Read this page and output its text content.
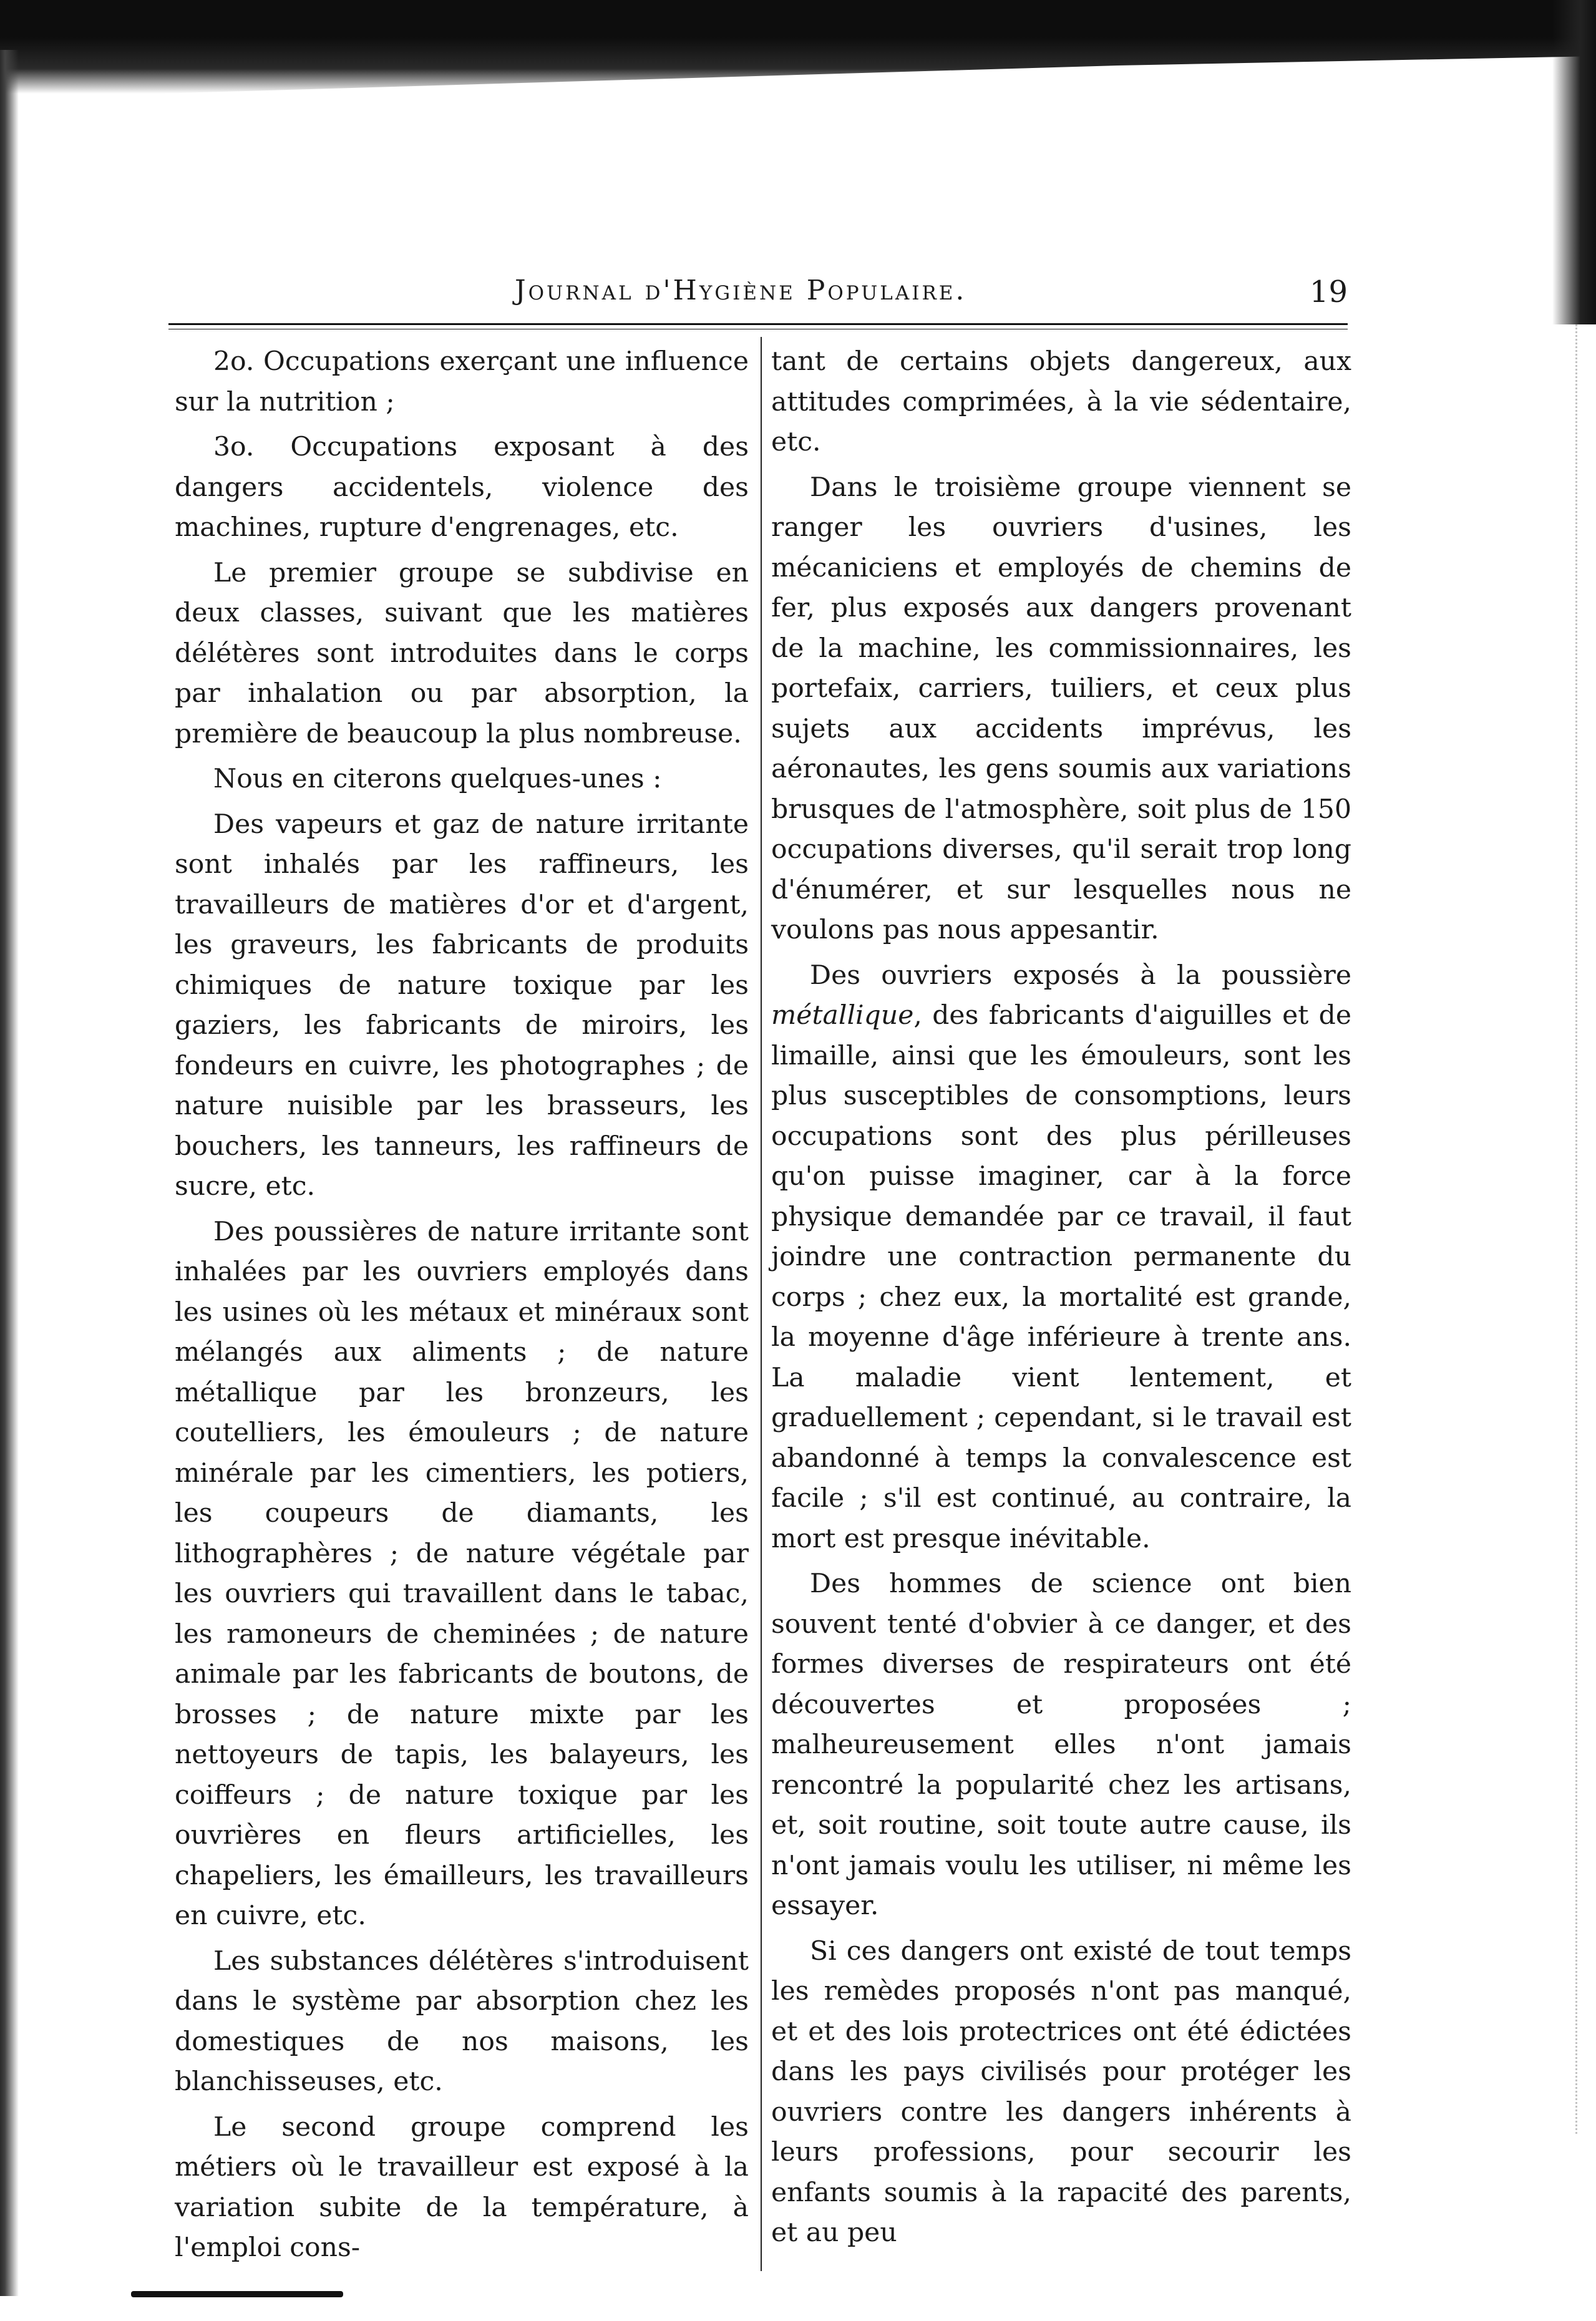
Journal d'Hygiène Populaire.	19

2o. Occupations exerçant une influence sur la nutrition ;

3o. Occupations exposant à des dangers accidentels, violence des machines, rupture d'engrenages, etc.

Le premier groupe se subdivise en deux classes, suivant que les matières délétères sont introduites dans le corps par inhalation ou par absorption, la première de beaucoup la plus nombreuse.

Nous en citerons quelques-unes :

Des vapeurs et gaz de nature irritante sont inhalés par les raffineurs, les travailleurs de matières d'or et d'argent, les graveurs, les fabricants de produits chimiques de nature toxique par les gaziers, les fabricants de miroirs, les fondeurs en cuivre, les photographes ; de nature nuisible par les brasseurs, les bouchers, les tanneurs, les raffineurs de sucre, etc.

Des poussières de nature irritante sont inhalées par les ouvriers employés dans les usines où les métaux et minéraux sont mélangés aux aliments ; de nature métallique par les bronzeurs, les coutelliers, les émouleurs ; de nature minérale par les cimentiers, les potiers, les coupeurs de diamants, les lithographères ; de nature végétale par les ouvriers qui travaillent dans le tabac, les ramoneurs de cheminées ; de nature animale par les fabricants de boutons, de brosses ; de nature mixte par les nettoyeurs de tapis, les balayeurs, les coiffeurs ; de nature toxique par les ouvrières en fleurs artificielles, les chapeliers, les émailleurs, les travailleurs en cuivre, etc.

Les substances délétères s'introduisent dans le système par absorption chez les domestiques de nos maisons, les blanchisseuses, etc.

Le second groupe comprend les métiers où le travailleur est exposé à la variation subite de la température, à l'emploi cons-

tant de certains objets dangereux, aux attitudes comprimées, à la vie sédentaire, etc.

Dans le troisième groupe viennent se ranger les ouvriers d'usines, les mécaniciens et employés de chemins de fer, plus exposés aux dangers provenant de la machine, les commissionnaires, les portefaix, carriers, tuiliers, et ceux plus sujets aux accidents imprévus, les aéronautes, les gens soumis aux variations brusques de l'atmosphère, soit plus de 150 occupations diverses, qu'il serait trop long d'énumérer, et sur lesquelles nous ne voulons pas nous appesantir.

Des ouvriers exposés à la poussière métallique, des fabricants d'aiguilles et de limaille, ainsi que les émouleurs, sont les plus susceptibles de consomptions, leurs occupations sont des plus périlleuses qu'on puisse imaginer, car à la force physique demandée par ce travail, il faut joindre une contraction permanente du corps ; chez eux, la mortalité est grande, la moyenne d'âge inférieure à trente ans. La maladie vient lentement, et graduellement ; cependant, si le travail est abandonné à temps la convalescence est facile ; s'il est continué, au contraire, la mort est presque inévitable.

Des hommes de science ont bien souvent tenté d'obvier à ce danger, et des formes diverses de respirateurs ont été découvertes et proposées ; malheureusement elles n'ont jamais rencontré la popularité chez les artisans, et, soit routine, soit toute autre cause, ils n'ont jamais voulu les utiliser, ni même les essayer.

Si ces dangers ont existé de tout temps les remèdes proposés n'ont pas manqué, et et des lois protectrices ont été édictées dans les pays civilisés pour protéger les ouvriers contre les dangers inhérents à leurs professions, pour secourir les enfants soumis à la rapacité des parents, et au peu
